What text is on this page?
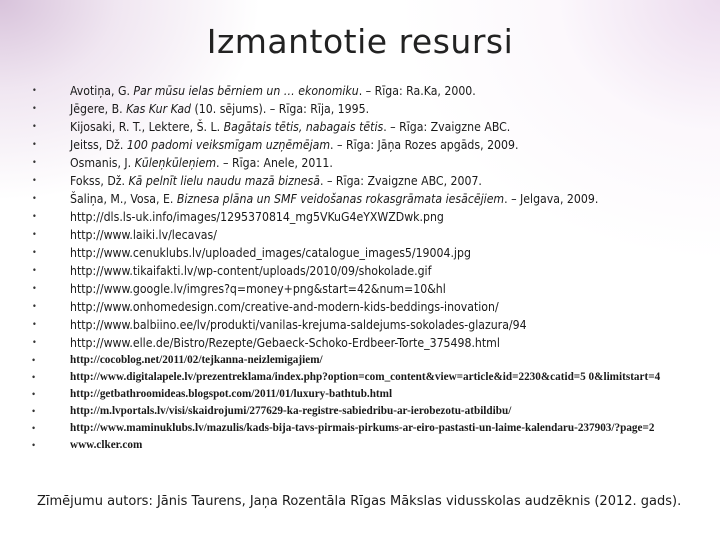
Izmantotie resursi
•	Avotiņa, G. Par mūsu ielas bērniem un … ekonomiku. – Rīga: Ra.Ka, 2000.
•	Jēgere, B. Kas Kur Kad (10. sējums). – Rīga: Rīja, 1995.
•	Kijosaki, R. T., Lektere, Š. L. Bagātais tētis, nabagais tētis. – Rīga: Zvaigzne ABC.
•	Jeitss, Dž. 100 padomi veiksmīgam uzņēmējam. – Rīga: Jāņa Rozes apgāds, 2009.
•	Osmanis, J. Kūleņkūleņiem. – Rīga: Anele, 2011.
•	Fokss, Dž. Kā pelnīt lielu naudu mazā biznesā. – Rīga: Zvaigzne ABC, 2007.
•	Šaliņa, M., Vosa, E. Biznesa plāna un SMF veidošanas rokasgrāmata iesācējiem. – Jelgava, 2009.
•	http://dls.ls-uk.info/images/1295370814_mg5VKuG4eYXWZDwk.png
•	http://www.laiki.lv/lecavas/
•	http://www.cenuklubs.lv/uploaded_images/catalogue_images5/19004.jpg
•	http://www.tikaifakti.lv/wp-content/uploads/2010/09/shokolade.gif
•	http://www.google.lv/imgres?q=money+png&start=42&num=10&hl
•	http://www.onhomedesign.com/creative-and-modern-kids-beddings-inovation/
•	http://www.balbiino.ee/lv/produkti/vanilas-krejuma-saldejums-sokolades-glazura/94
•	http://www.elle.de/Bistro/Rezepte/Gebaeck-Schoko-Erdbeer-Torte_375498.html
•	http://cocoblog.net/2011/02/tejkanna-neizlemigajiem/
•	http://www.digitalapele.lv/prezentreklama/index.php?option=com_content&view=article&id=2230&catid=5 0&limitstart=4
•	http://getbathroomideas.blogspot.com/2011/01/luxury-bathtub.html
•	http://m.lvportals.lv/visi/skaidrojumi/277629-ka-registre-sabiedribu-ar-ierobezotu-atbildibu/
•	http://www.maminuklubs.lv/mazulis/kads-bija-tavs-pirmais-pirkums-ar-eiro-pastasti-un-laime-kalendaru-237903/?page=2
•	www.clker.com
Zīmējumu autors: Jānis Taurens, Jaņa Rozentāla Rīgas Mākslas vidusskolas audzēknis (2012. gads).
